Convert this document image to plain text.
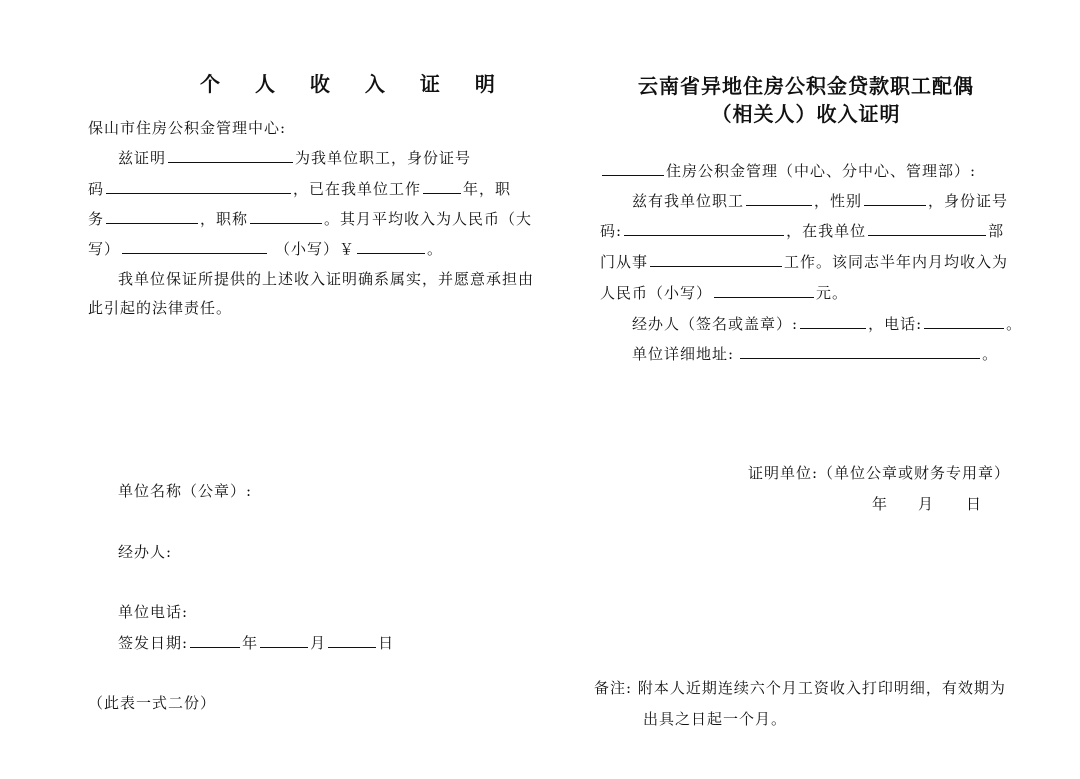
个 人 收 入 证 明
保山市住房公积金管理中心:
兹证明	为我单位职工，身份证号
码	，已在我单位工作	年，职
务	，职称	。其月平均收入为人民币（大
写）	（小写）￥	。
我单位保证所提供的上述收入证明确系属实，并愿意承担由
此引起的法律责任。
单位名称（公章）:
经办人:
单位电话:
签发日期:	年	月	日
（此表一式二份）
云南省异地住房公积金贷款职工配偶
（相关人）收入证明
住房公积金管理（中心、分中心、管理部）:
兹有我单位职工	，性别	，身份证号
码:	，在我单位	部
门从事	工作。该同志半年内月均收入为
人民币（小写）	元。
经办人（签名或盖章）:	，电话:	。
单位详细地址:	。
证明单位:（单位公章或财务专用章）
年 月 日
备注: 附本人近期连续六个月工资收入打印明细，有效期为
出具之日起一个月。
